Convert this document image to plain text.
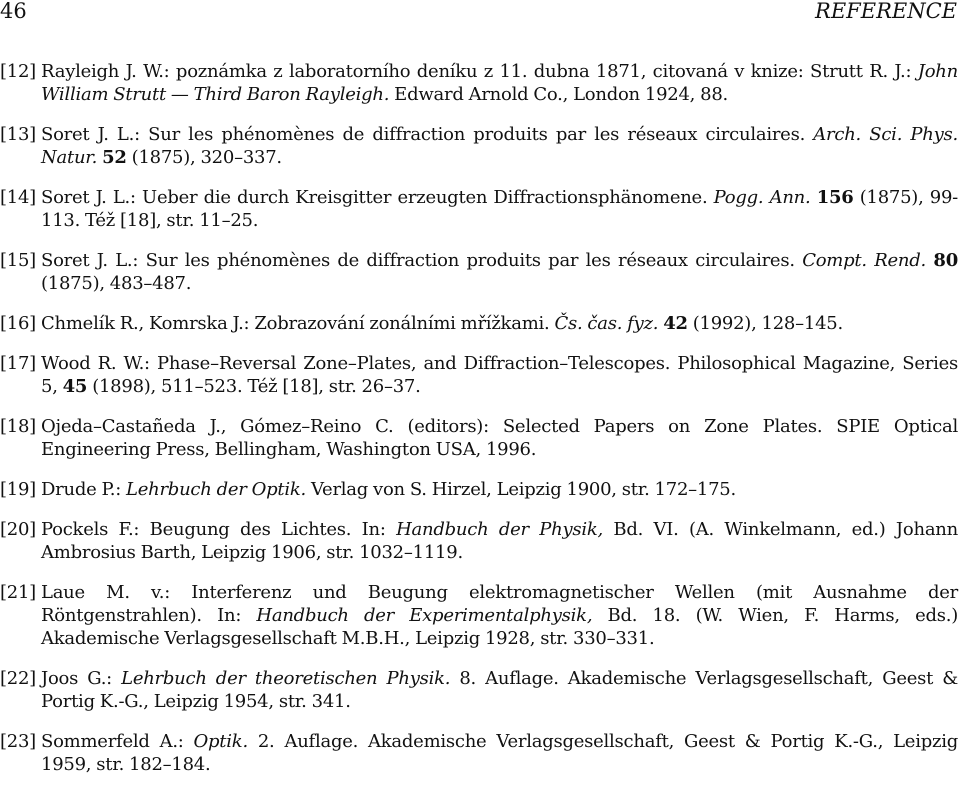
46	REFERENCE
[12] Rayleigh J. W.: poznámka z laboratorního deníku z 11. dubna 1871, citovaná v knize: Strutt R. J.: John William Strutt — Third Baron Rayleigh. Edward Arnold Co., London 1924, 88.
[13] Soret J. L.: Sur les phénomènes de diffraction produits par les réseaux circulaires. Arch. Sci. Phys. Natur. 52 (1875), 320–337.
[14] Soret J. L.: Ueber die durch Kreisgitter erzeugten Diffractionsphänomene. Pogg. Ann. 156 (1875), 99-113. Též [18], str. 11–25.
[15] Soret J. L.: Sur les phénomènes de diffraction produits par les réseaux circulaires. Compt. Rend. 80 (1875), 483–487.
[16] Chmelík R., Komrska J.: Zobrazování zonálními mřížkami. Čs. čas. fyz. 42 (1992), 128–145.
[17] Wood R. W.: Phase–Reversal Zone–Plates, and Diffraction–Telescopes. Philosophical Magazine, Series 5, 45 (1898), 511–523. Též [18], str. 26–37.
[18] Ojeda–Castañeda J., Gómez–Reino C. (editors): Selected Papers on Zone Plates. SPIE Optical Engineering Press, Bellingham, Washington USA, 1996.
[19] Drude P.: Lehrbuch der Optik. Verlag von S. Hirzel, Leipzig 1900, str. 172–175.
[20] Pockels F.: Beugung des Lichtes. In: Handbuch der Physik, Bd. VI. (A. Winkelmann, ed.) Johann Ambrosius Barth, Leipzig 1906, str. 1032–1119.
[21] Laue M. v.: Interferenz und Beugung elektromagnetischer Wellen (mit Ausnahme der Röntgenstrahlen). In: Handbuch der Experimentalphysik, Bd. 18. (W. Wien, F. Harms, eds.) Akademische Verlagsgesellschaft M.B.H., Leipzig 1928, str. 330–331.
[22] Joos G.: Lehrbuch der theoretischen Physik. 8. Auflage. Akademische Verlagsgesellschaft, Geest & Portig K.-G., Leipzig 1954, str. 341.
[23] Sommerfeld A.: Optik. 2. Auflage. Akademische Verlagsgesellschaft, Geest & Portig K.-G., Leipzig 1959, str. 182–184.
